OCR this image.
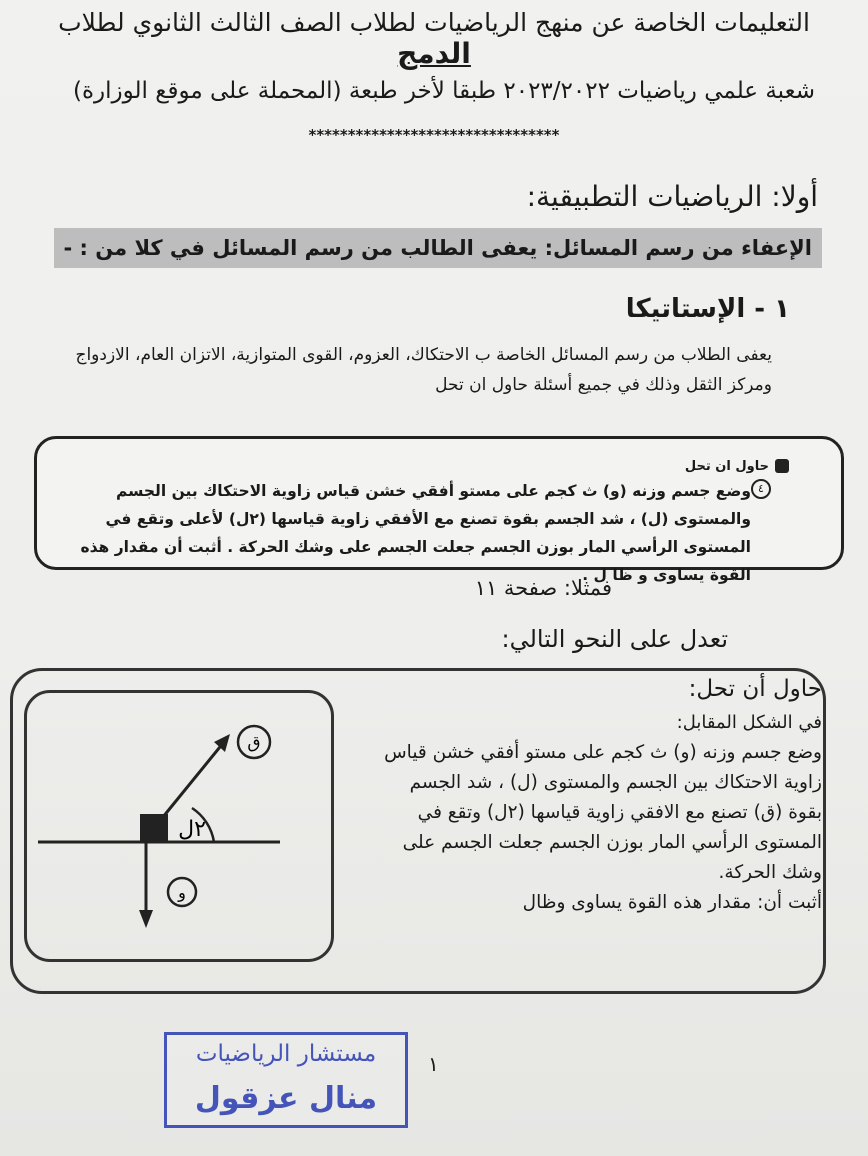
التعليمات الخاصة عن منهج الرياضيات لطلاب الصف الثالث الثانوي لطلاب الدمج
شعبة علمي رياضيات ٢٠٢٣/٢٠٢٢ طبقا لأخر طبعة (المحملة على موقع الوزارة)
********************************
أولا: الرياضيات التطبيقية:
الإعفاء من رسم المسائل: يعفى الطالب من رسم المسائل في كلا من : -
١ - الإستاتيكا
يعفى الطلاب من رسم المسائل الخاصة ب الاحتكاك، العزوم، القوى المتوازية، الاتزان العام، الازدواج ومركز الثقل وذلك في جميع أسئلة حاول ان تحل
حاول ان تحل
٤
وضع جسم وزنه (و) ث كجم على مستو أفقي خشن قياس زاوية الاحتكاك بين الجسم والمستوى (ل) ، شد الجسم بقوة تصنع مع الأفقي زاوية قياسها (٢ل) لأعلى وتقع في المستوى الرأسي المار بوزن الجسم جعلت الجسم على وشك الحركة . أثبت أن مقدار هذه القوة يساوى و ظا ل .
فمثلا: صفحة ١١
تعدل على النحو التالي:
ق
و
٢ل
حاول أن تحل:
في الشكل المقابل:
وضع جسم وزنه (و) ث كجم على مستو أفقي خشن قياس زاوية الاحتكاك بين الجسم والمستوى (ل) ، شد الجسم بقوة (ق) تصنع مع الافقي زاوية قياسها (٢ل) وتقع في المستوى الرأسي المار بوزن الجسم جعلت الجسم على وشك الحركة.
أثبت أن: مقدار هذه القوة يساوى وظال
مستشار الرياضيات
منال عزقول
١
